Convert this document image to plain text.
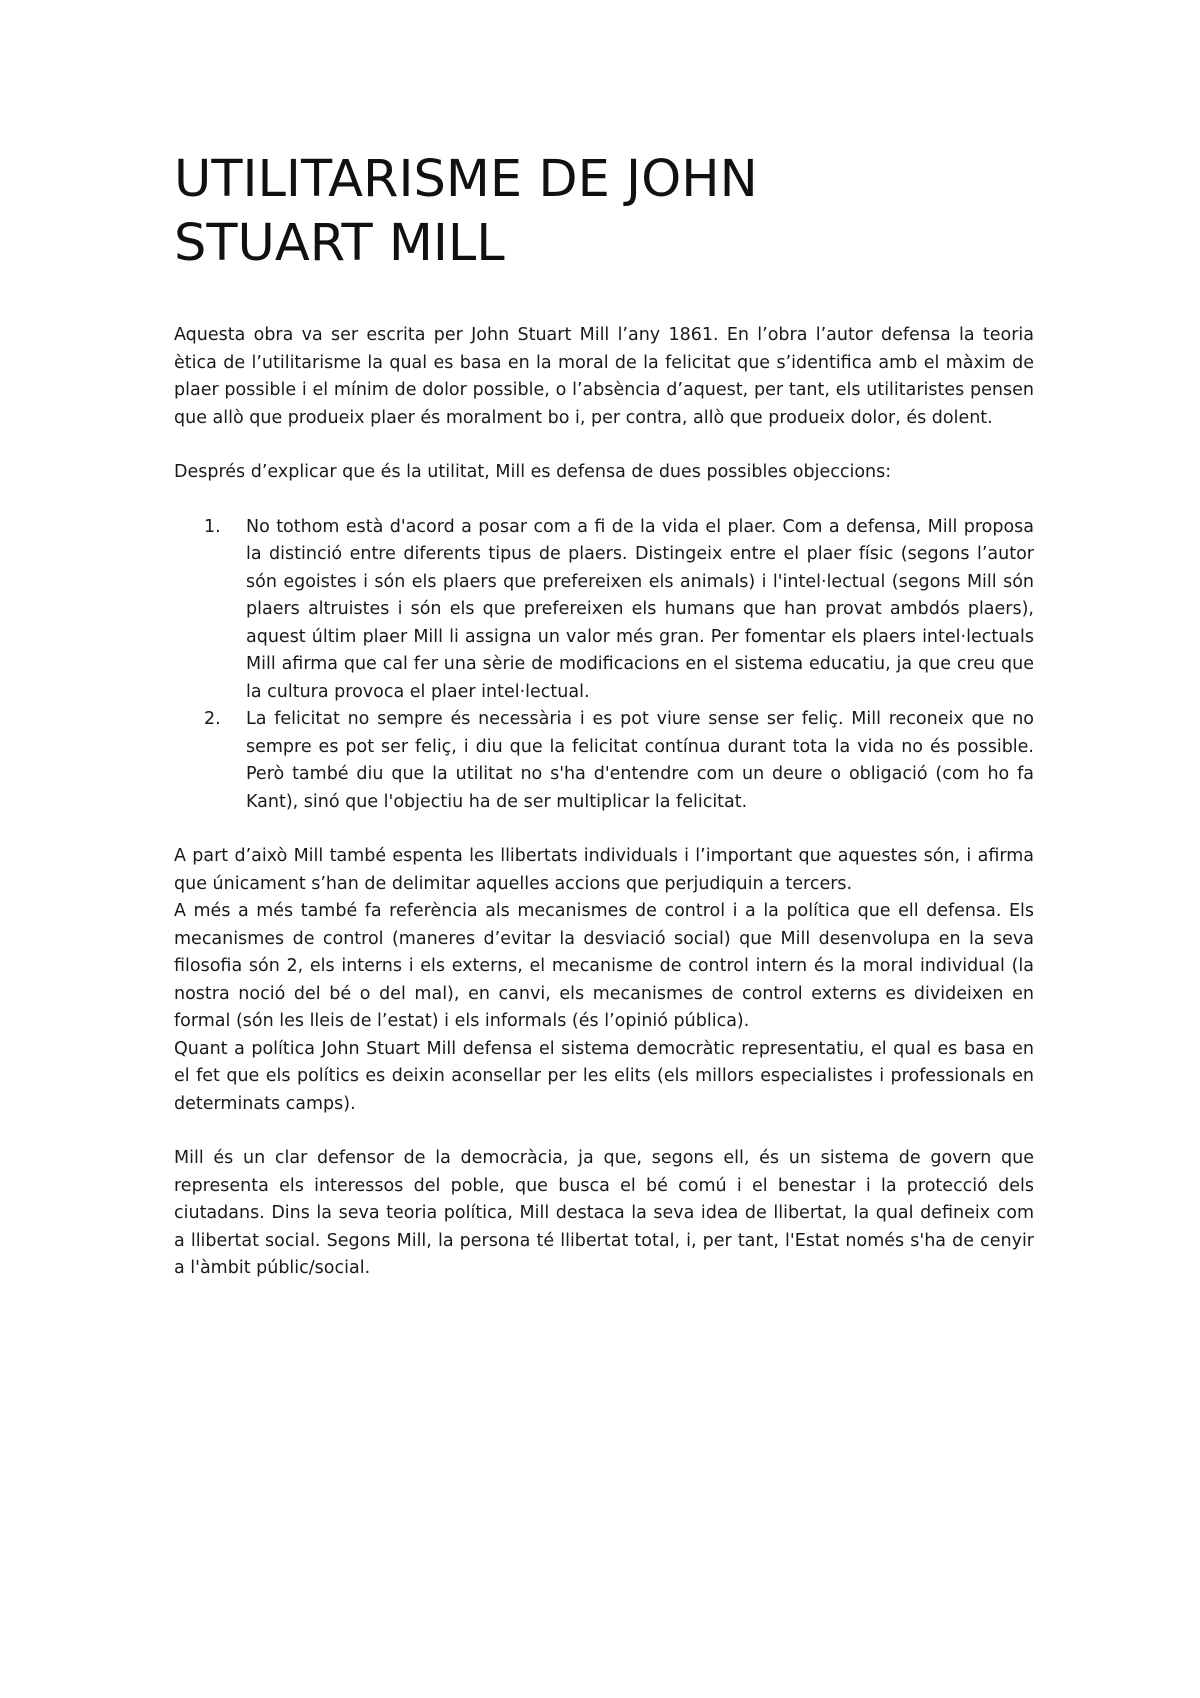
UTILITARISME DE JOHN
STUART MILL

Aquesta obra va ser escrita per John Stuart Mill l’any 1861. En l’obra l’autor defensa la teoria ètica de l’utilitarisme la qual es basa en la moral de la felicitat que s’identifica amb el màxim de plaer possible i el mínim de dolor possible, o l’absència d’aquest, per tant, els utilitaristes pensen que allò que produeix plaer és moralment bo i, per contra, allò que produeix dolor, és dolent.

Després d’explicar que és la utilitat, Mill es defensa de dues possibles objeccions:

1.	No tothom està d'acord a posar com a fi de la vida el plaer. Com a defensa, Mill proposa la distinció entre diferents tipus de plaers. Distingeix entre el plaer físic (segons l’autor són egoistes i són els plaers que prefereixen els animals) i l'intel·lectual (segons Mill són plaers altruistes i són els que prefereixen els humans que han provat ambdós plaers), aquest últim plaer Mill li assigna un valor més gran. Per fomentar els plaers intel·lectuals Mill afirma que cal fer una sèrie de modificacions en el sistema educatiu, ja que creu que la cultura provoca el plaer intel·lectual.
2.	La felicitat no sempre és necessària i es pot viure sense ser feliç. Mill reconeix que no sempre es pot ser feliç, i diu que la felicitat contínua durant tota la vida no és possible. Però també diu que la utilitat no s'ha d'entendre com un deure o obligació (com ho fa Kant), sinó que l'objectiu ha de ser multiplicar la felicitat.

A part d’això Mill també espenta les llibertats individuals i l’important que aquestes són, i afirma que únicament s’han de delimitar aquelles accions que perjudiquin a tercers.

A més a més també fa referència als mecanismes de control i a la política que ell defensa. Els mecanismes de control (maneres d’evitar la desviació social) que Mill desenvolupa en la seva filosofia són 2, els interns i els externs, el mecanisme de control intern és la moral individual (la nostra noció del bé o del mal), en canvi, els mecanismes de control externs es divideixen en formal (són les lleis de l’estat) i els informals (és l’opinió pública).

Quant a política John Stuart Mill defensa el sistema democràtic representatiu, el qual es basa en el fet que els polítics es deixin aconsellar per les elits (els millors especialistes i professionals en determinats camps).

Mill és un clar defensor de la democràcia, ja que, segons ell, és un sistema de govern que representa els interessos del poble, que busca el bé comú i el benestar i la protecció dels ciutadans. Dins la seva teoria política, Mill destaca la seva idea de llibertat, la qual defineix com a llibertat social. Segons Mill, la persona té llibertat total, i, per tant, l'Estat només s'ha de cenyir a l'àmbit públic/social.
